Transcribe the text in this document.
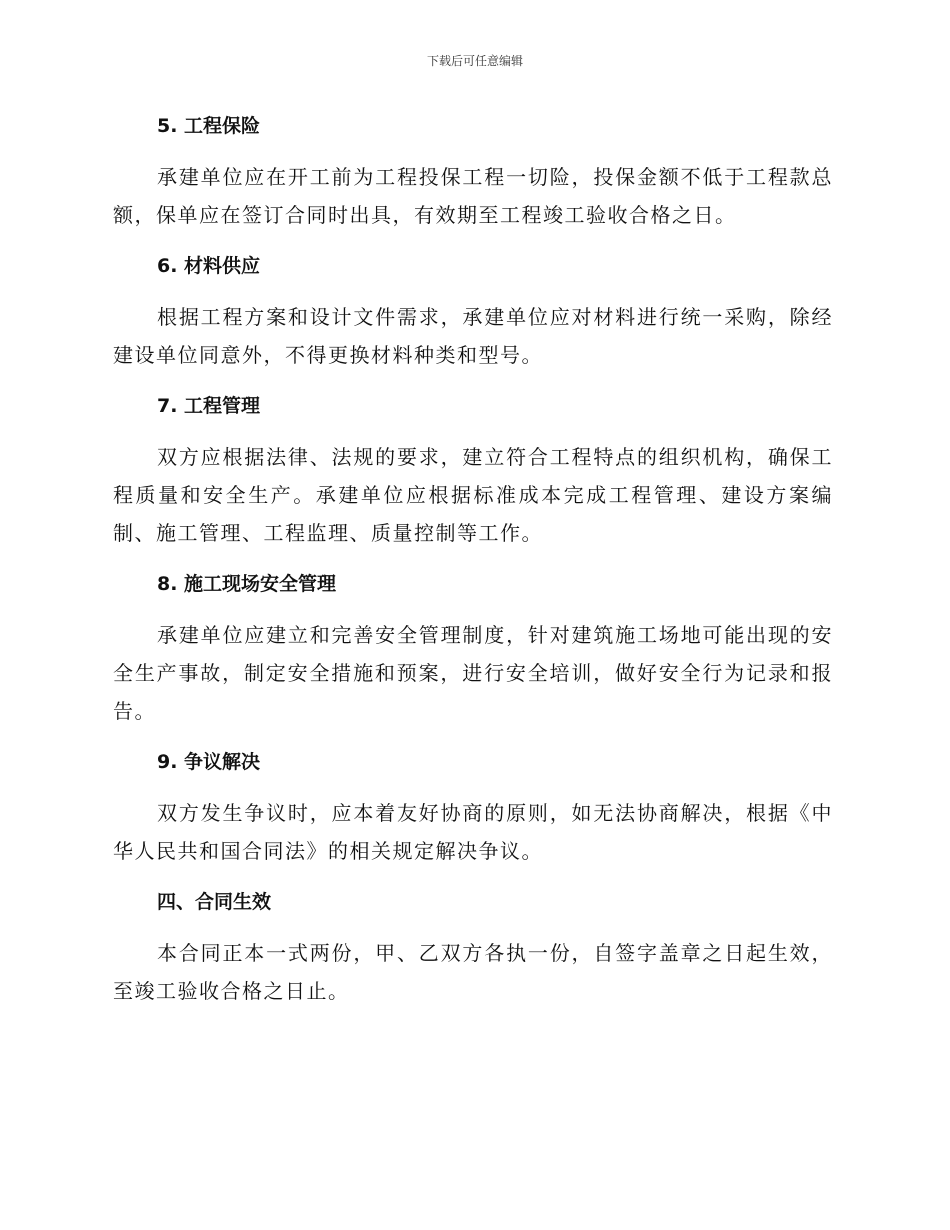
下载后可任意编辑
5. 工程保险

承建单位应在开工前为工程投保工程一切险，投保金额不低于工程款总额，保单应在签订合同时出具，有效期至工程竣工验收合格之日。

6. 材料供应

根据工程方案和设计文件需求，承建单位应对材料进行统一采购，除经建设单位同意外，不得更换材料种类和型号。

7. 工程管理

双方应根据法律、法规的要求，建立符合工程特点的组织机构，确保工程质量和安全生产。承建单位应根据标准成本完成工程管理、建设方案编制、施工管理、工程监理、质量控制等工作。

8. 施工现场安全管理

承建单位应建立和完善安全管理制度，针对建筑施工场地可能出现的安全生产事故，制定安全措施和预案，进行安全培训，做好安全行为记录和报告。

9. 争议解决

双方发生争议时，应本着友好协商的原则，如无法协商解决，根据《中华人民共和国合同法》的相关规定解决争议。

四、合同生效

本合同正本一式两份，甲、乙双方各执一份，自签字盖章之日起生效，至竣工验收合格之日止。
